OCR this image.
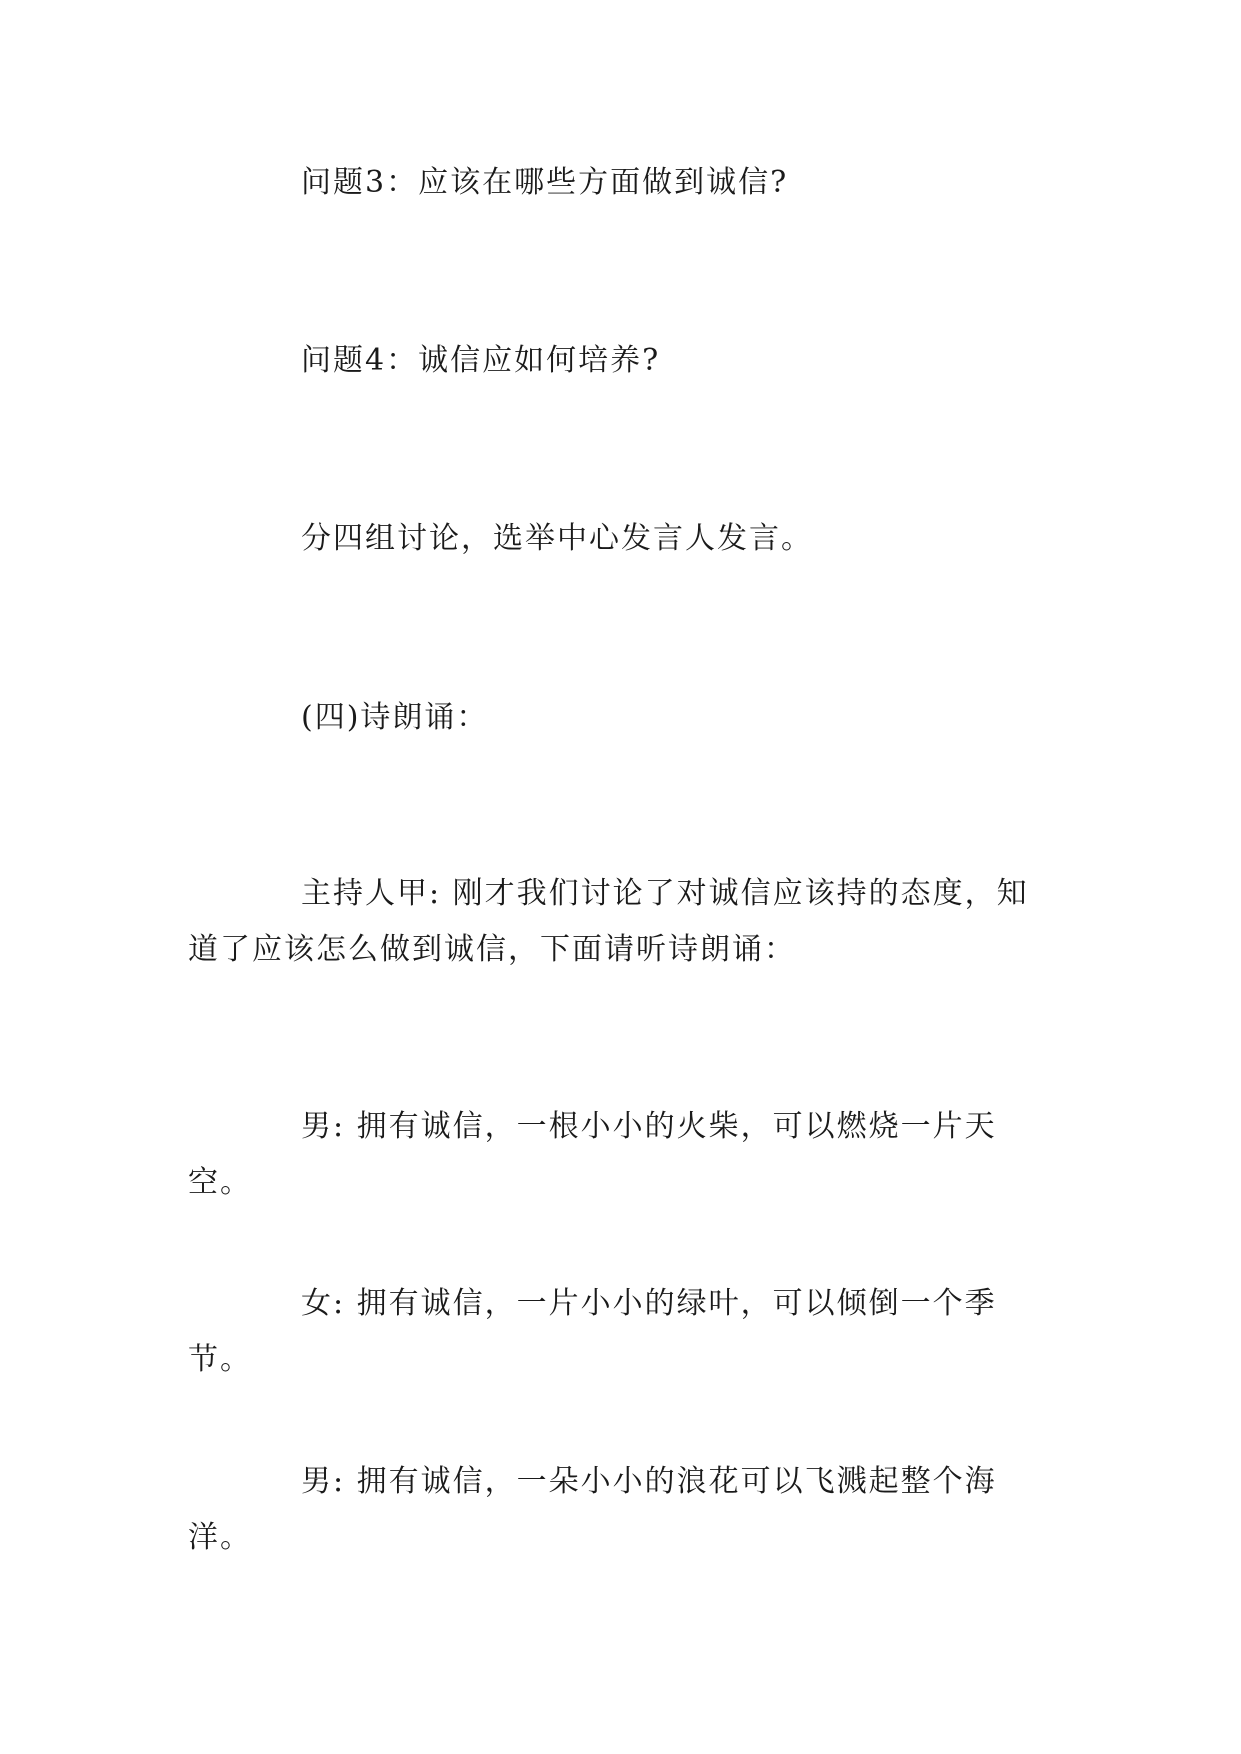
问题3：应该在哪些方面做到诚信?

问题4：诚信应如何培养?

分四组讨论，选举中心发言人发言。

(四)诗朗诵：

主持人甲: 刚才我们讨论了对诚信应该持的态度，知道了应该怎么做到诚信，下面请听诗朗诵：

男: 拥有诚信，一根小小的火柴，可以燃烧一片天空。

女: 拥有诚信，一片小小的绿叶，可以倾倒一个季节。

男: 拥有诚信，一朵小小的浪花可以飞溅起整个海洋。
